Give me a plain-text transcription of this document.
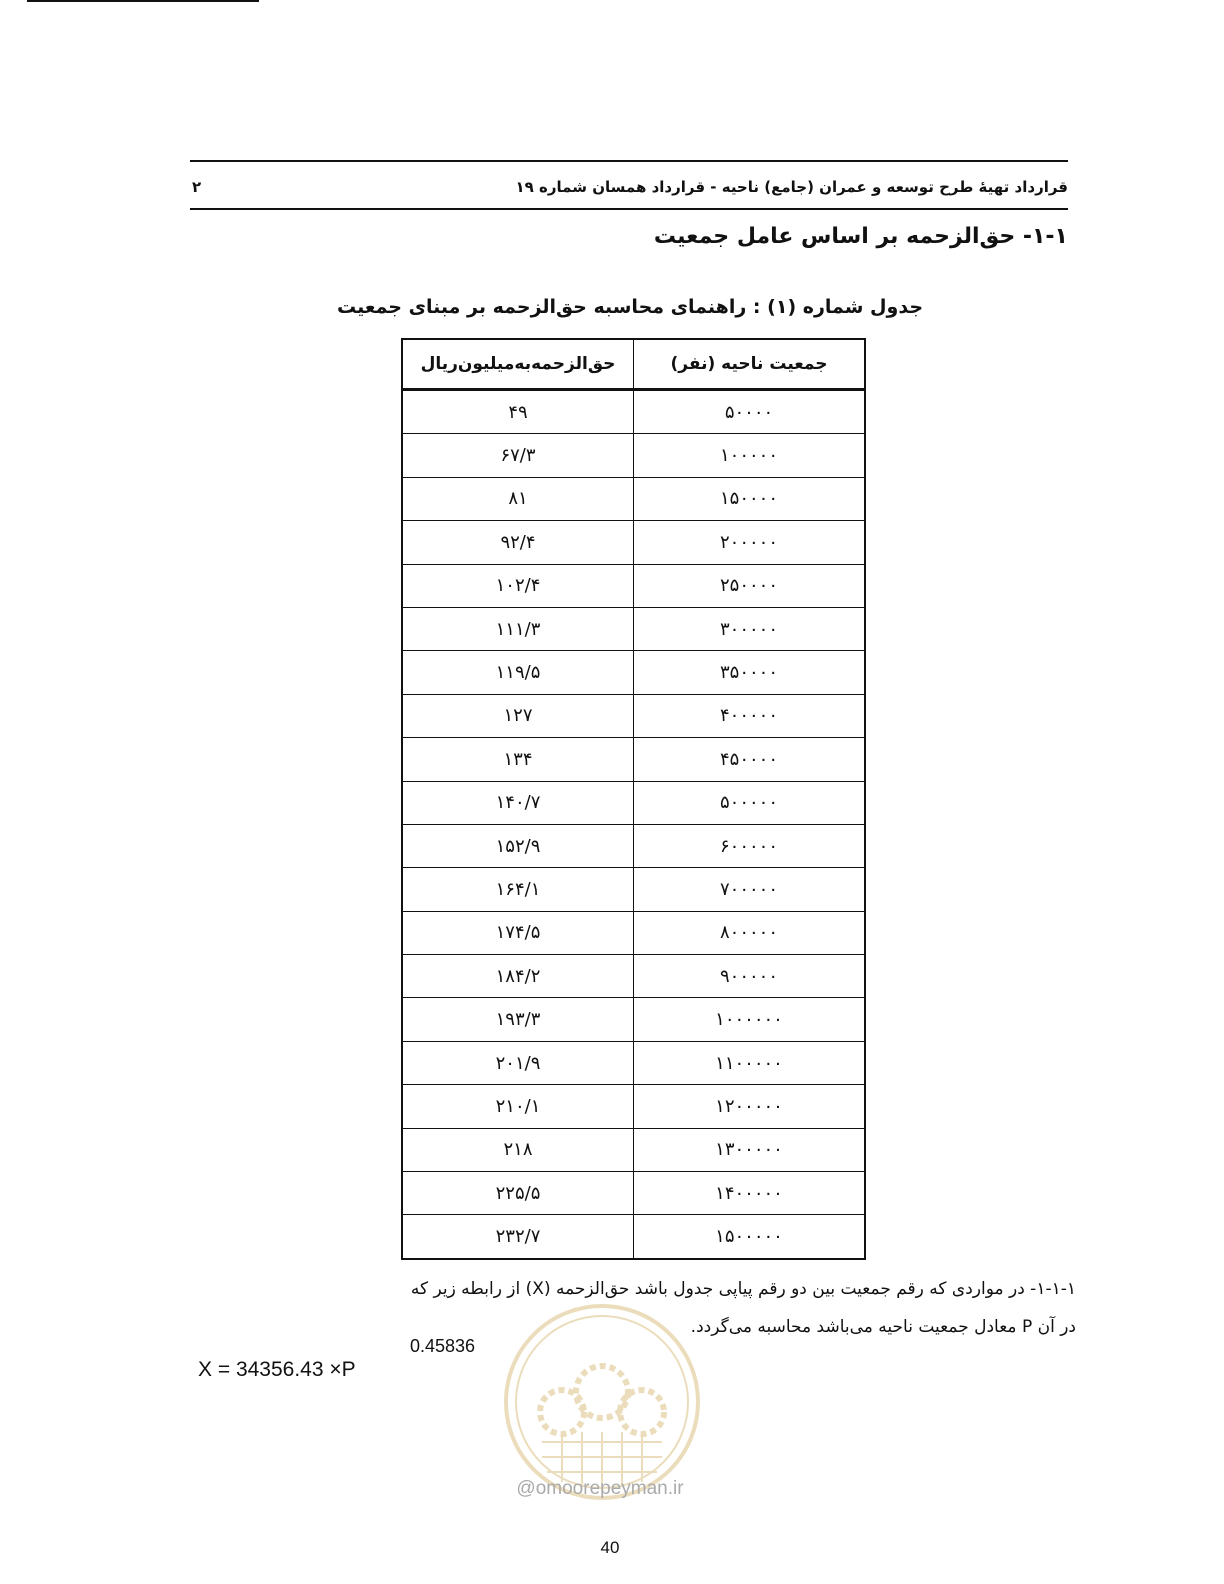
۲	قرارداد تهیهٔ طرح توسعه و عمران (جامع) ناحیه - قرارداد همسان شماره ۱۹
۱-۱- حق‌الزحمه بر اساس عامل جمعیت
جدول شماره (۱) : راهنمای محاسبه حق‌الزحمه بر مبنای جمعیت
جمعیت ناحیه (نفر)	حق‌الزحمه‌به‌میلیون‌ریال
۵۰۰۰۰	۴۹
۱۰۰۰۰۰	۶۷/۳
۱۵۰۰۰۰	۸۱
۲۰۰۰۰۰	۹۲/۴
۲۵۰۰۰۰	۱۰۲/۴
۳۰۰۰۰۰	۱۱۱/۳
۳۵۰۰۰۰	۱۱۹/۵
۴۰۰۰۰۰	۱۲۷
۴۵۰۰۰۰	۱۳۴
۵۰۰۰۰۰	۱۴۰/۷
۶۰۰۰۰۰	۱۵۲/۹
۷۰۰۰۰۰	۱۶۴/۱
۸۰۰۰۰۰	۱۷۴/۵
۹۰۰۰۰۰	۱۸۴/۲
۱۰۰۰۰۰۰	۱۹۳/۳
۱۱۰۰۰۰۰	۲۰۱/۹
۱۲۰۰۰۰۰	۲۱۰/۱
۱۳۰۰۰۰۰	۲۱۸
۱۴۰۰۰۰۰	۲۲۵/۵
۱۵۰۰۰۰۰	۲۳۲/۷
۱-۱-۱- در مواردی که رقم جمعیت بین دو رقم پیاپی جدول باشد حق‌الزحمه (X) از رابطه زیر که
در آن P معادل جمعیت ناحیه می‌باشد محاسبه می‌گردد.
X = 34356.43 ×P
0.45836
@omoorepeyman.ir
40
